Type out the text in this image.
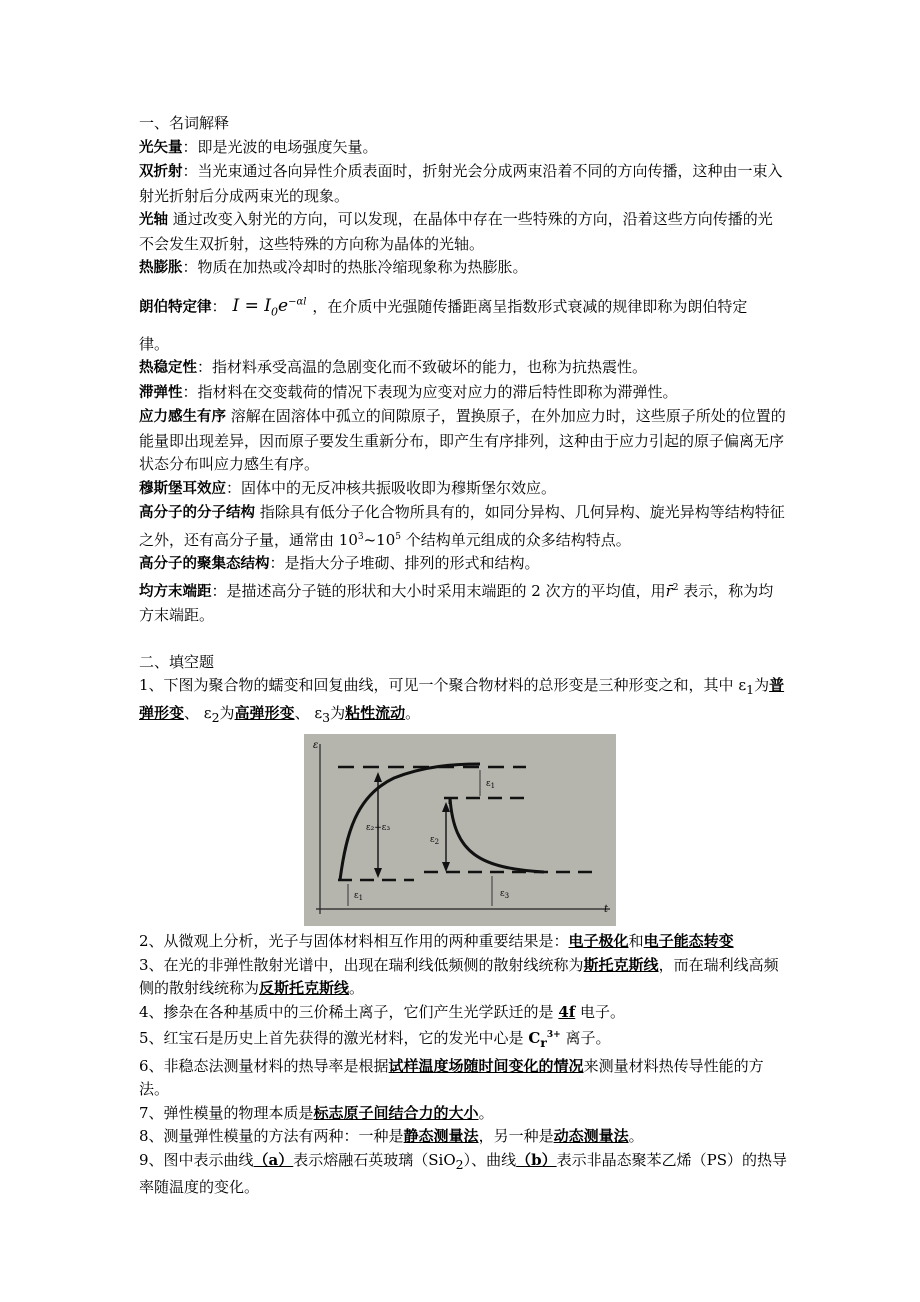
一、名词解释

光矢量：即是光波的电场强度矢量。

双折射：当光束通过各向异性介质表面时，折射光会分成两束沿着不同的方向传播，这种由一束入射光折射后分成两束光的现象。

光轴 通过改变入射光的方向，可以发现，在晶体中存在一些特殊的方向，沿着这些方向传播的光不会发生双折射，这些特殊的方向称为晶体的光轴。

热膨胀：物质在加热或冷却时的热胀冷缩现象称为热膨胀。

朗伯特定律： $I = I_0e^{-\alpha l}$ ，在介质中光强随传播距离呈指数形式衰减的规律即称为朗伯特定

律。

热稳定性：指材料承受高温的急剧变化而不致破坏的能力，也称为抗热震性。

滞弹性：指材料在交变载荷的情况下表现为应变对应力的滞后特性即称为滞弹性。

应力感生有序 溶解在固溶体中孤立的间隙原子，置换原子，在外加应力时，这些原子所处的位置的能量即出现差异，因而原子要发生重新分布，即产生有序排列，这种由于应力引起的原子偏离无序状态分布叫应力感生有序。

穆斯堡耳效应：固体中的无反冲核共振吸收即为穆斯堡尔效应。

高分子的分子结构 指除具有低分子化合物所具有的，如同分异构、几何异构、旋光异构等结构特征之外，还有高分子量，通常由 $10^3\sim 10^5$ 个结构单元组成的众多结构特点。

高分子的聚集态结构：是指大分子堆砌、排列的形式和结构。

均方末端距：是描述高分子链的形状和大小时采用末端距的 2 次方的平均值，用r̄$^2$ 表示，称为均方末端距。

二、填空题

1、下图为聚合物的蠕变和回复曲线，可见一个聚合物材料的总形变是三种形变之和，其中 $\varepsilon_1$为普弹形变、 $\varepsilon_2$为高弹形变、 $\varepsilon_3$为粘性流动。

ε
t
ε₂+ε₃
$\varepsilon_2$
$\varepsilon_1$
$\varepsilon_3$
$\varepsilon_1$

2、从微观上分析，光子与固体材料相互作用的两种重要结果是：电子极化和电子能态转变

3、在光的非弹性散射光谱中，出现在瑞利线低频侧的散射线统称为斯托克斯线，而在瑞利线高频侧的散射线统称为反斯托克斯线。

4、掺杂在各种基质中的三价稀土离子，它们产生光学跃迁的是 4f 电子。

5、红宝石是历史上首先获得的激光材料，它的发光中心是 $C_r^{3+}$ 离子。

6、非稳态法测量材料的热导率是根据试样温度场随时间变化的情况来测量材料热传导性能的方法。

7、弹性模量的物理本质是标志原子间结合力的大小。

8、测量弹性模量的方法有两种：一种是静态测量法，另一种是动态测量法。

9、图中表示曲线（a）表示熔融石英玻璃（SiO$_2$）、曲线（b）表示非晶态聚苯乙烯（PS）的热导率随温度的变化。
